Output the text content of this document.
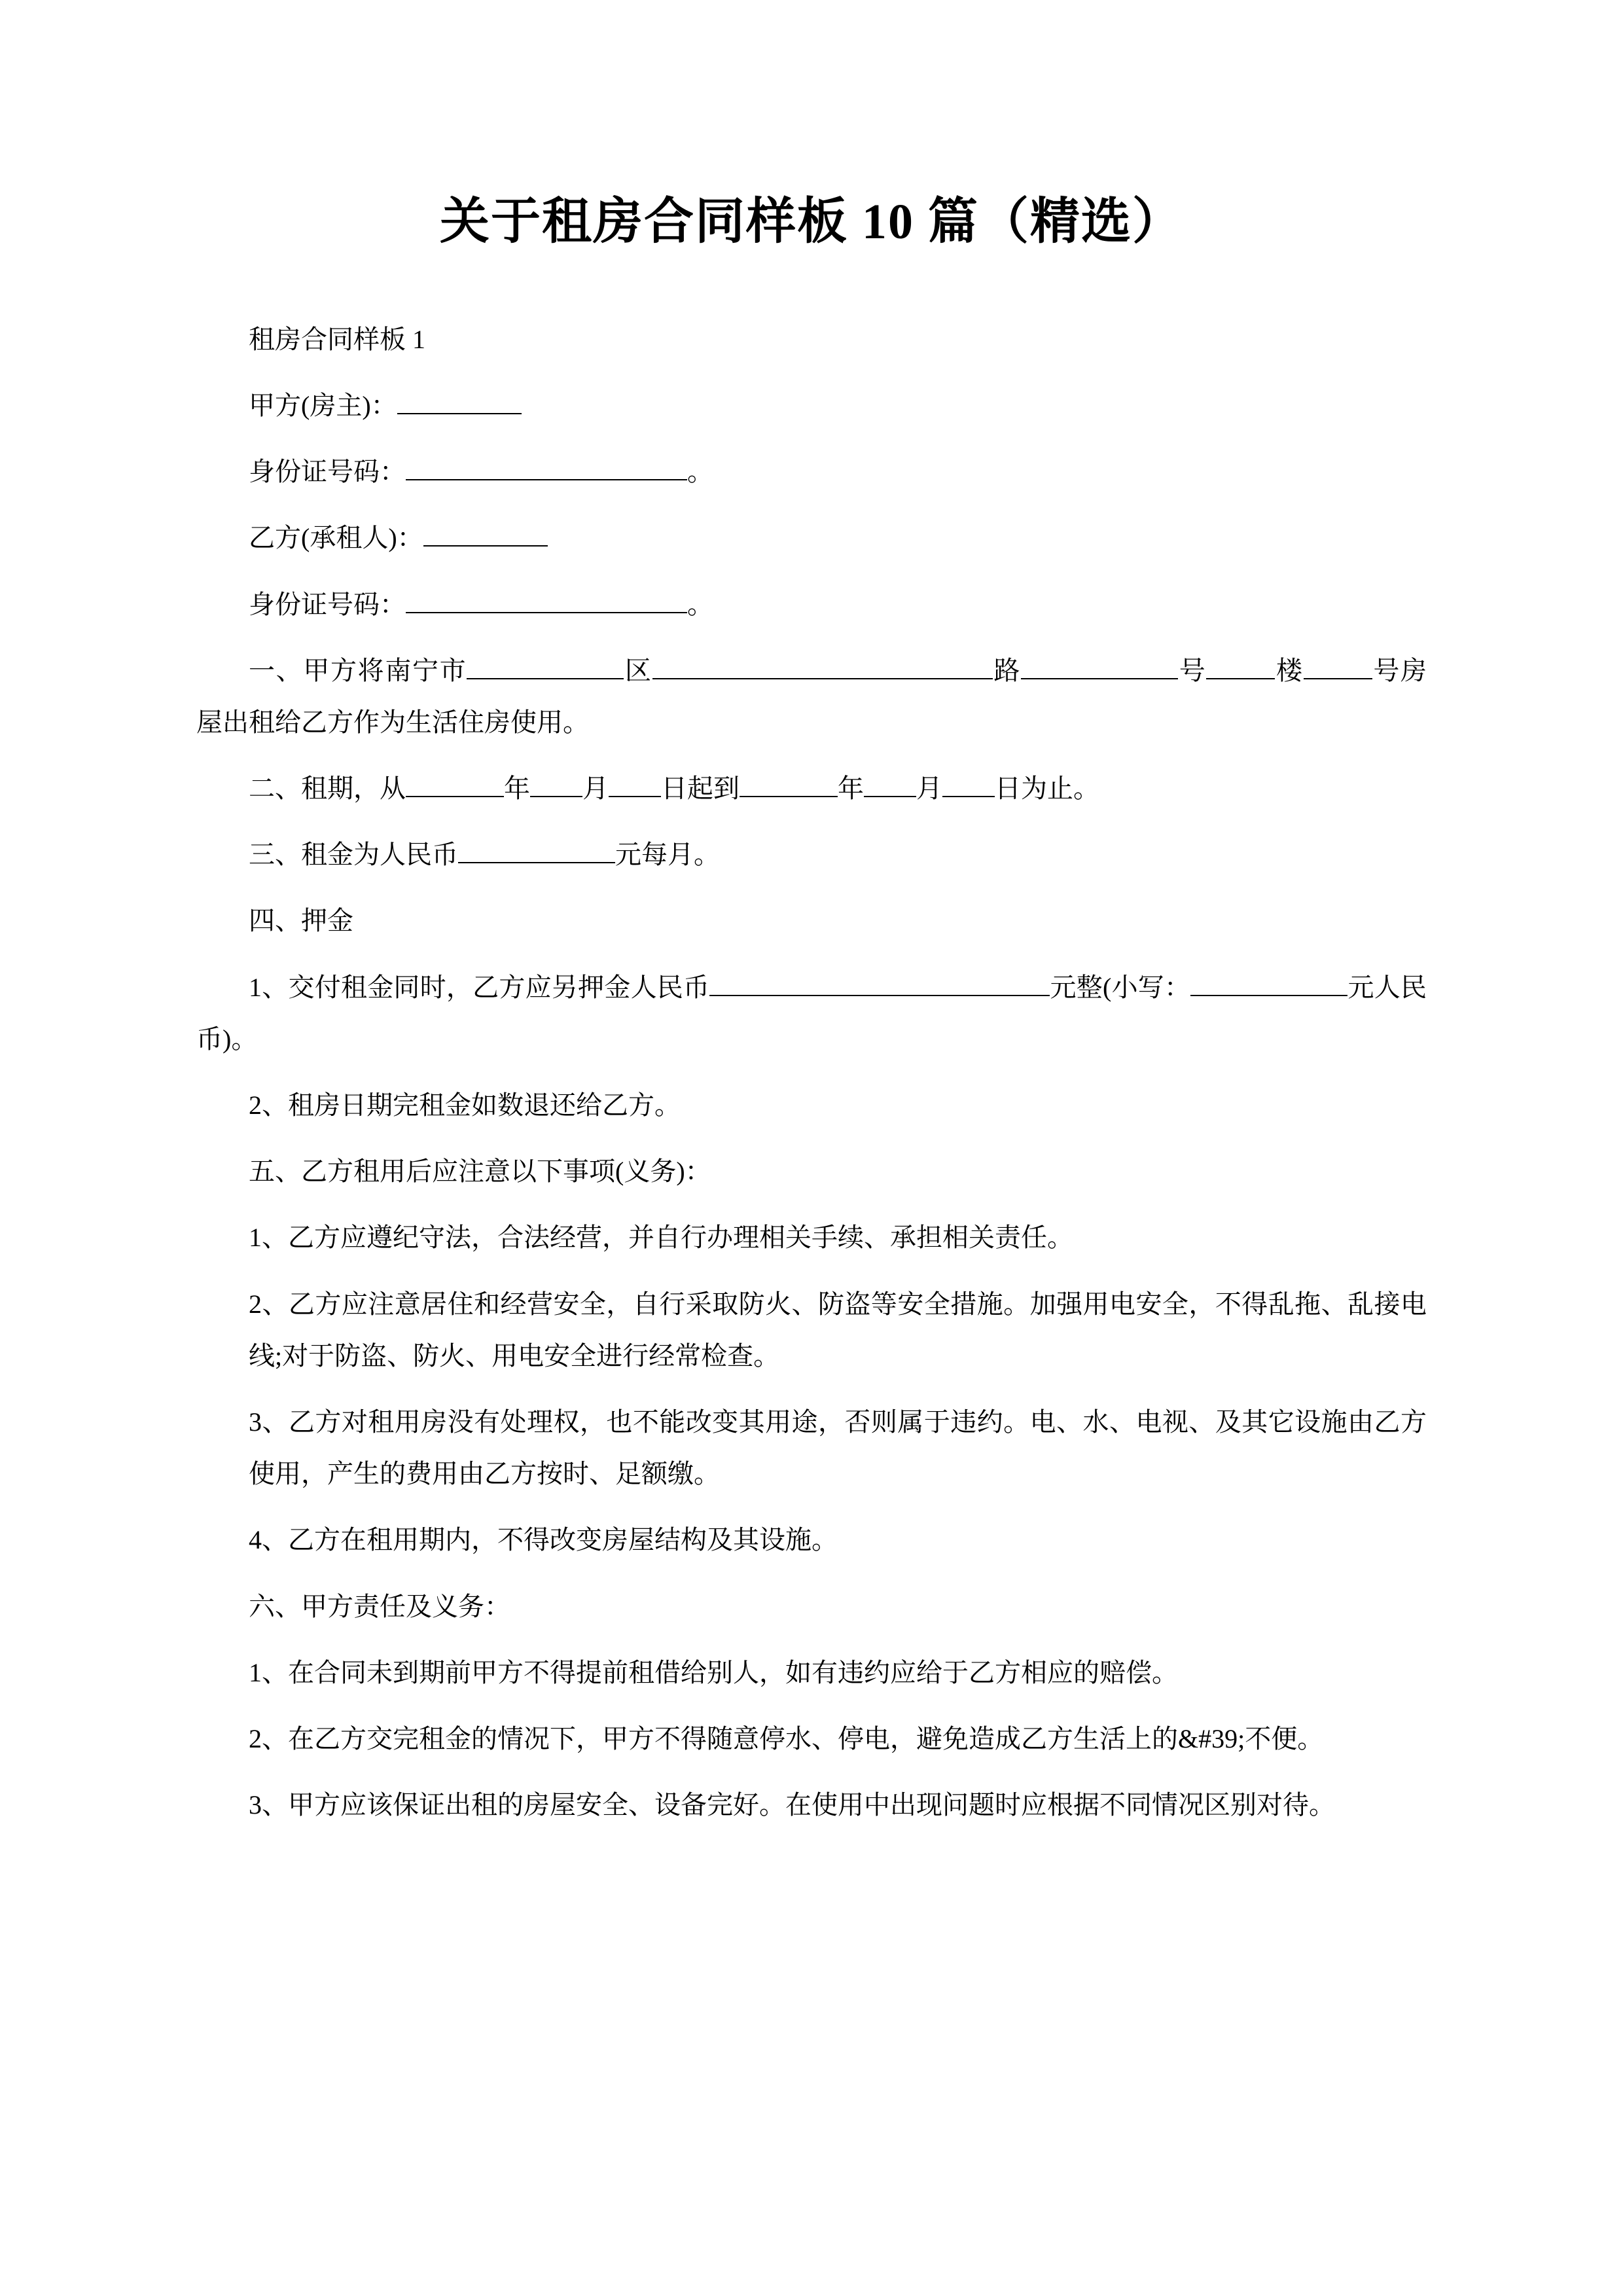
关于租房合同样板 10 篇（精选）

租房合同样板 1

甲方(房主)：

身份证号码：	。

乙方(承租人)：

身份证号码：	。

一、甲方将南宁市	区	路	号	楼	号房屋出租给乙方作为生活住房使用。

二、租期，从	年 月 日起到	年 月 日为止。

三、租金为人民币	元每月。

四、押金

1、交付租金同时，乙方应另押金人民币	元整(小写：	元人民币)。

2、租房日期完租金如数退还给乙方。

五、乙方租用后应注意以下事项(义务)：

1、乙方应遵纪守法，合法经营，并自行办理相关手续、承担相关责任。

2、乙方应注意居住和经营安全，自行采取防火、防盗等安全措施。加强用电安全，不得乱拖、乱接电线;对于防盗、防火、用电安全进行经常检查。

3、乙方对租用房没有处理权，也不能改变其用途，否则属于违约。电、水、电视、及其它设施由乙方使用，产生的费用由乙方按时、足额缴。

4、乙方在租用期内，不得改变房屋结构及其设施。

六、甲方责任及义务：

1、在合同未到期前甲方不得提前租借给别人，如有违约应给于乙方相应的赔偿。

2、在乙方交完租金的情况下，甲方不得随意停水、停电，避免造成乙方生活上的&#39;不便。

3、甲方应该保证出租的房屋安全、设备完好。在使用中出现问题时应根据不同情况区别对待。
